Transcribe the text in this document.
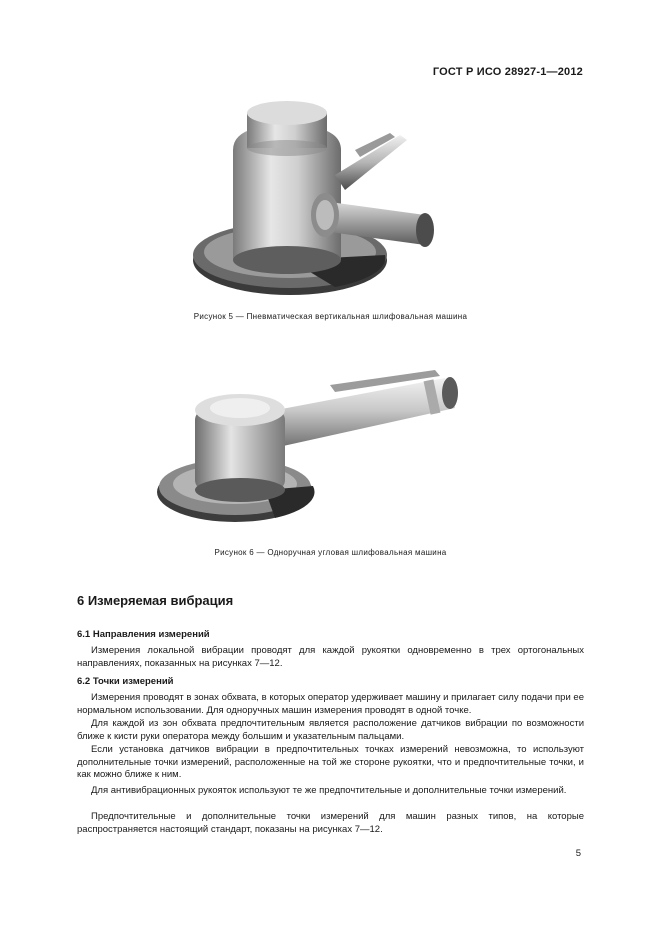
ГОСТ Р ИСО 28927-1—2012
Рисунок 5 — Пневматическая вертикальная шлифовальная машина
Рисунок 6 — Одноручная угловая шлифовальная машина
6 Измеряемая вибрация
6.1 Направления измерений

Измерения локальной вибрации проводят для каждой рукоятки одновременно в трех ортогональных направлениях, показанных на рисунках 7—12.

6.2 Точки измерений

Измерения проводят в зонах обхвата, в которых оператор удерживает машину и прилагает силу подачи при ее нормальном использовании. Для одноручных машин измерения проводят в одной точке.

Для каждой из зон обхвата предпочтительным является расположение датчиков вибрации по возможности ближе к кисти руки оператора между большим и указательным пальцами.

Если установка датчиков вибрации в предпочтительных точках измерений невозможна, то используют дополнительные точки измерений, расположенные на той же стороне рукоятки, что и предпочтительные точки, и как можно ближе к ним.

Для антивибрационных рукояток используют те же предпочтительные и дополнительные точки измерений.

Предпочтительные и дополнительные точки измерений для машин разных типов, на которые распространяется настоящий стандарт, показаны на рисунках 7—12.

5
